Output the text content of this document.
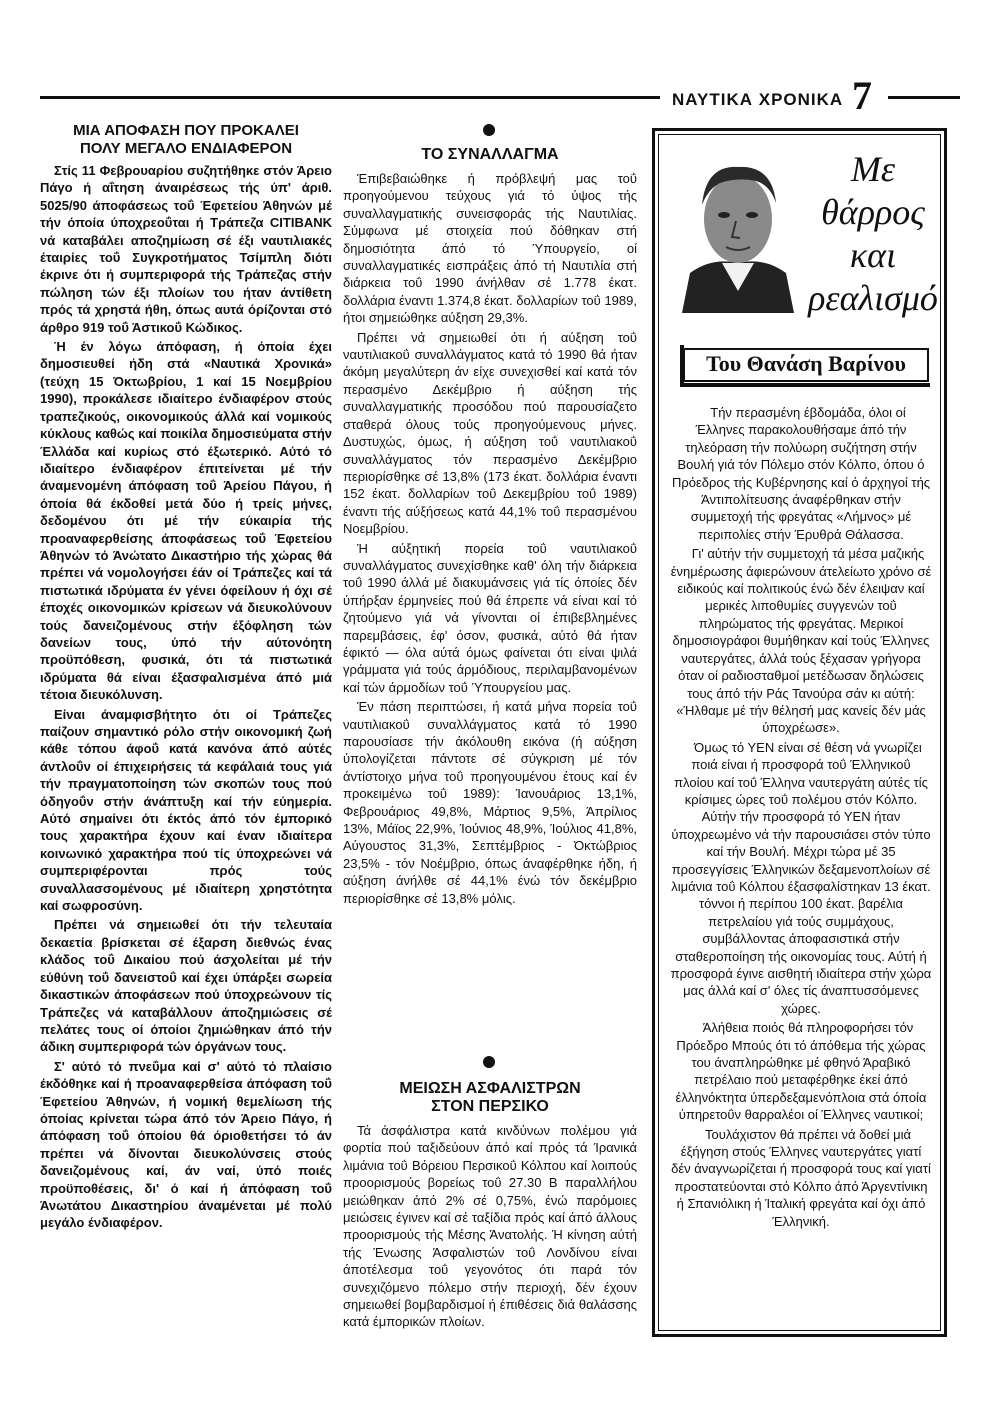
ΝΑΥΤΙΚΑ ΧΡΟΝΙΚΑ 7
ΜΙΑ ΑΠΟΦΑΣΗ ΠΟΥ ΠΡΟΚΑΛΕΙ ΠΟΛΥ ΜΕΓΑΛΟ ΕΝΔΙΑΦΕΡΟΝ

Στίς 11 Φεβρουαρίου συζητήθηκε στόν Άρειο Πάγο ή αΐτηση άναιρέσεως τής ύπ' άριθ. 5025/90 άποφάσεως τοΰ Έφετείου Άθηνών μέ τήν όποία ύποχρεοΰται ή Τράπεζα CITIBANK νά καταβάλει αποζημίωση σέ έξι ναυτιλιακές έταιρίες τοΰ Συγκροτήματος Τσίμπλη διότι έκρινε ότι ή συμπεριφορά τής Τράπεζας στήν πώληση τών έξι πλοίων του ήταν άντίθετη πρός τά χρηστά ήθη, όπως αυτά όρίζονται στό άρθρο 919 τοΰ Άστικοΰ Κώδικος.

Ή έν λόγω άπόφαση, ή όποία έχει δημοσιευθεί ήδη στά «Ναυτικά Χρονικά» (τεύχη 15 Όκτωβρίου, 1 καί 15 Νοεμβρίου 1990), προκάλεσε ιδιαίτερο ένδιαφέρον στούς τραπεζικούς, οικονομικούς άλλά καί νομικούς κύκλους καθώς καί ποικίλα δημοσιεύματα στήν Έλλάδα καί κυρίως στό έξωτερικό. Αύτό τό ιδιαίτερο ένδιαφέρον έπιτείνεται μέ τήν άναμενομένη άπόφαση τοΰ Άρείου Πάγου, ή όποία θά έκδοθεί μετά δύο ή τρείς μήνες, δεδομένου ότι μέ τήν εύκαιρία τής προαναφερθείσης άποφάσεως τοΰ Έφετείου Άθηνών τό Άνώτατο Δικαστήριο τής χώρας θά πρέπει νά νομολογήσει έάν οί Τράπεζες καί τά πιστωτικά ιδρύματα έν γένει όφείλουν ή όχι σέ έποχές οικονομικών κρίσεων νά διευκολύνουν τούς δανειζομένους στήν έξόφληση τών δανείων τους, ύπό τήν αύτονόητη προϋπόθεση, φυσικά, ότι τά πιστωτικά ιδρύματα θά είναι έξασφαλισμένα άπό μιά τέτοια διευκόλυνση.

Είναι άναμφισβήτητο ότι οί Τράπεζες παίζουν σημαντικό ρόλο στήν οικονομική ζωή κάθε τόπου άφοΰ κατά κανόνα άπό αύτές άντλοΰν οί έπιχειρήσεις τά κεφάλαιά τους γιά τήν πραγματοποίηση τών σκοπών τους πού όδηγοΰν στήν άνάπτυξη καί τήν εύημερία. Αύτό σημαίνει ότι έκτός άπό τόν έμπορικό τους χαρακτήρα έχουν καί έναν ιδιαίτερα κοινωνικό χαρακτήρα πού τίς ύποχρεώνει νά συμπεριφέρονται πρός τούς συναλλασσομένους μέ ιδιαίτερη χρηστότητα καί σωφροσύνη.

Πρέπει νά σημειωθεί ότι τήν τελευταία δεκαετία βρίσκεται σέ έξαρση διεθνώς ένας κλάδος τοΰ Δικαίου πού άσχολείται μέ τήν εύθύνη τοΰ δανειστοΰ καί έχει ύπάρξει σωρεία δικαστικών άποφάσεων πού ύποχρεώνουν τίς Τράπεζες νά καταβάλλουν άποζημιώσεις σέ πελάτες τους οί όποίοι ζημιώθηκαν άπό τήν άδικη συμπεριφορά τών όργάνων τους.

Σ' αύτό τό πνεΰμα καί σ' αύτό τό πλαίσιο έκδόθηκε καί ή προαναφερθείσα άπόφαση τοΰ Έφετείου Άθηνών, ή νομική θεμελίωση τής όποίας κρίνεται τώρα άπό τόν Άρειο Πάγο, ή άπόφαση τοΰ όποίου θά όριοθετήσει τό άν πρέπει νά δίνονται διευκολύνσεις στούς δανειζομένους καί, άν ναί, ύπό ποιές προϋποθέσεις, δι' ό καί ή άπόφαση τοΰ Άνωτάτου Δικαστηρίου άναμένεται μέ πολύ μεγάλο ένδιαφέρον.

ΤΟ ΣΥΝΑΛΛΑΓΜΑ

Έπιβεβαιώθηκε ή πρόβλεψή μας τοΰ προηγούμενου τεύχους γιά τό ύψος τής συναλλαγματικής συνεισφοράς τής Ναυτιλίας. Σύμφωνα μέ στοιχεία πού δόθηκαν στή δημοσιότητα άπό τό Ύπουργείο, οί συναλλαγματικές εισπράξεις άπό τή Ναυτιλία στή διάρκεια τοΰ 1990 άνήλθαν σέ 1.778 έκατ. δολλάρια έναντι 1.374,8 έκατ. δολλαρίων τοΰ 1989, ήτοι σημειώθηκε αύξηση 29,3%.

Πρέπει νά σημειωθεί ότι ή αύξηση τοΰ ναυτιλιακοΰ συναλλάγματος κατά τό 1990 θά ήταν άκόμη μεγαλύτερη άν είχε συνεχισθεί καί κατά τόν περασμένο Δεκέμβριο ή αύξηση τής συναλλαγματικής προσόδου πού παρουσίαζετο σταθερά όλους τούς προηγούμενους μήνες. Δυστυχώς, όμως, ή αύξηση τοΰ ναυτιλιακοΰ συναλλάγματος τόν περασμένο Δεκέμβριο περιορίσθηκε σέ 13,8% (173 έκατ. δολλάρια έναντι 152 έκατ. δολλαρίων τοΰ Δεκεμβρίου τοΰ 1989) έναντι τής αύξήσεως κατά 44,1% τοΰ περασμένου Νοεμβρίου.

Ή αύξητική πορεία τοΰ ναυτιλιακοΰ συναλλάγματος συνεχίσθηκε καθ' όλη τήν διάρκεια τοΰ 1990 άλλά μέ διακυμάνσεις γιά τίς όποίες δέν ύπήρξαν έρμηνείες πού θά έπρεπε νά είναι καί τό ζητούμενο γιά νά γίνονται οί έπιβεβλημένες παρεμβάσεις, έφ' όσον, φυσικά, αύτό θά ήταν έφικτό — όλα αύτά όμως φαίνεται ότι είναι ψιλά γράμματα γιά τούς άρμόδιους, περιλαμβανομένων καί τών άρμοδίων τοΰ Ύπουργείου μας.

Έν πάση περιπτώσει, ή κατά μήνα πορεία τοΰ ναυτιλιακοΰ συναλλάγματος κατά τό 1990 παρουσίασε τήν άκόλουθη εικόνα (ή αύξηση ύπολογίζεται πάντοτε σέ σύγκριση μέ τόν άντίστοιχο μήνα τοΰ προηγουμένου έτους καί έν προκειμένω τοΰ 1989): Ίανουάριος 13,1%, Φεβρουάριος 49,8%, Μάρτιος 9,5%, Άπρίλιος 13%, Μάϊος 22,9%, Ίούνιος 48,9%, Ίούλιος 41,8%, Αύγουστος 31,3%, Σεπτέμβριος - Όκτώβριος 23,5% - τόν Νοέμβριο, όπως άναφέρθηκε ήδη, ή αύξηση άνήλθε σέ 44,1% ένώ τόν δεκέμβριο περιορίσθηκε σέ 13,8% μόλις.

ΜΕΙΩΣΗ ΑΣΦΑΛΙΣΤΡΩΝ ΣΤΟΝ ΠΕΡΣΙΚΟ

Τά άσφάλιστρα κατά κινδύνων πολέμου γιά φορτία πού ταξιδεύουν άπό καί πρός τά Ίρανικά λιμάνια τοΰ Βόρειου Περσικοΰ Κόλπου καί λοιπούς προορισμούς βορείως τοΰ 27.30 Β παραλλήλου μειώθηκαν άπό 2% σέ 0,75%, ένώ παρόμοιες μειώσεις έγινεν καί σέ ταξίδια πρός καί άπό άλλους προορισμούς τής Μέσης Άνατολής. Ή κίνηση αύτή τής Ένωσης Άσφαλιστών τοΰ Λονδίνου είναι άποτέλεσμα τοΰ γεγονότος ότι παρά τόν συνεχιζόμενο πόλεμο στήν περιοχή, δέν έχουν σημειωθεί βομβαρδισμοί ή έπιθέσεις διά θαλάσσης κατά έμπορικών πλοίων.

Με
θάρρος
και
ρεαλισμό
Του Θανάση Βαρίνου

Τήν περασμένη έβδομάδα, όλοι οί Έλληνες παρακολουθήσαμε άπό τήν τηλεόραση τήν πολύωρη συζήτηση στήν Βουλή γιά τόν Πόλεμο στόν Κόλπο, όπου ό Πρόεδρος τής Κυβέρνησης καί ό άρχηγοί τής Άντιπολίτευσης άναφέρθηκαν στήν συμμετοχή τής φρεγάτας «Λήμνος» μέ περιπολίες στήν Έρυθρά Θάλασσα.

Γι' αύτήν τήν συμμετοχή τά μέσα μαζικής ένημέρωσης άφιερώνουν άτελείωτο χρόνο σέ ειδικούς καί πολιτικούς ένώ δέν έλειψαν καί μερικές λιποθυμίες συγγενών τοΰ πληρώματος τής φρεγάτας. Μερικοί δημοσιογράφοι θυμήθηκαν καί τούς Έλληνες ναυτεργάτες, άλλά τούς ξέχασαν γρήγορα όταν οί ραδιοσταθμοί μετέδωσαν δηλώσεις τους άπό τήν Ράς Τανούρα σάν κι αύτή: «Ήλθαμε μέ τήν θέλησή μας κανείς δέν μάς ύποχρέωσε».

Όμως τό ΥΕΝ είναι σέ θέση νά γνωρίζει ποιά είναι ή προσφορά τοΰ Έλληνικοΰ πλοίου καί τοΰ Έλληνα ναυτεργάτη αύτές τίς κρίσιμες ώρες τοΰ πολέμου στόν Κόλπο. Αύτήν τήν προσφορά τό ΥΕΝ ήταν ύποχρεωμένο νά τήν παρουσιάσει στόν τύπο καί τήν Βουλή. Μέχρι τώρα μέ 35 προσεγγίσεις Έλληνικών δεξαμενοπλοίων σέ λιμάνια τοΰ Κόλπου έξασφαλίστηκαν 13 έκατ. τόννοι ή περίπου 100 έκατ. βαρέλια πετρελαίου γιά τούς συμμάχους, συμβάλλοντας άποφασιστικά στήν σταθεροποίηση τής οικονομίας τους. Αύτή ή προσφορά έγινε αισθητή ιδιαίτερα στήν χώρα μας άλλά καί σ' όλες τίς άναπτυσσόμενες χώρες.

Άλήθεια ποιός θά πληροφορήσει τόν Πρόεδρο Μπούς ότι τό άπόθεμα τής χώρας του άναπληρώθηκε μέ φθηνό Άραβικό πετρέλαιο πού μεταφέρθηκε έκεί άπό έλληνόκτητα ύπερδεξαμενόπλοια στά όποία ύπηρετοΰν θαρραλέοι οί Έλληνες ναυτικοί;

Τουλάχιστον θά πρέπει νά δοθεί μιά έξήγηση στούς Έλληνες ναυτεργάτες γιατί δέν άναγνωρίζεται ή προσφορά τους καί γιατί προστατεύονται στό Κόλπο άπό Άργεντίνικη ή Σπανιόλικη ή Ίταλική φρεγάτα καί όχι άπό Έλληνική.
